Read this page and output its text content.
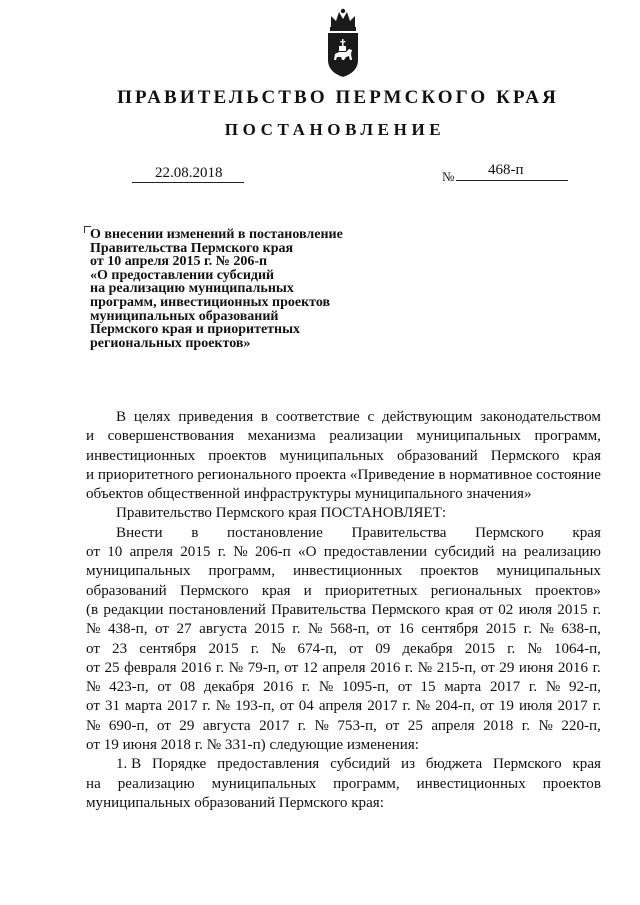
ПРАВИТЕЛЬСТВО ПЕРМСКОГО КРАЯ
ПОСТАНОВЛЕНИЕ
22.08.2018	№ 468-п
О внесении изменений в постановление
Правительства Пермского края
от 10 апреля 2015 г. № 206-п
«О предоставлении субсидий
на реализацию муниципальных
программ, инвестиционных проектов
муниципальных образований
Пермского края и приоритетных
региональных проектов»
В целях приведения в соответствие с действующим законодательством
и совершенствования механизма реализации муниципальных программ,
инвестиционных проектов муниципальных образований Пермского края
и приоритетного регионального проекта «Приведение в нормативное состояние
объектов общественной инфраструктуры муниципального значения»
Правительство Пермского края ПОСТАНОВЛЯЕТ:
Внести в постановление Правительства Пермского края
от 10 апреля 2015 г. № 206-п «О предоставлении субсидий на реализацию
муниципальных программ, инвестиционных проектов муниципальных
образований Пермского края и приоритетных региональных проектов»
(в редакции постановлений Правительства Пермского края от 02 июля 2015 г.
№ 438-п, от 27 августа 2015 г. № 568-п, от 16 сентября 2015 г. № 638-п,
от 23 сентября 2015 г. № 674-п, от 09 декабря 2015 г. № 1064-п,
от 25 февраля 2016 г. № 79-п, от 12 апреля 2016 г. № 215-п, от 29 июня 2016 г.
№ 423-п, от 08 декабря 2016 г. № 1095-п, от 15 марта 2017 г. № 92-п,
от 31 марта 2017 г. № 193-п, от 04 апреля 2017 г. № 204-п, от 19 июля 2017 г.
№ 690-п, от 29 августа 2017 г. № 753-п, от 25 апреля 2018 г. № 220-п,
от 19 июня 2018 г. № 331-п) следующие изменения:
1. В Порядке предоставления субсидий из бюджета Пермского края
на реализацию муниципальных программ, инвестиционных проектов
муниципальных образований Пермского края:
